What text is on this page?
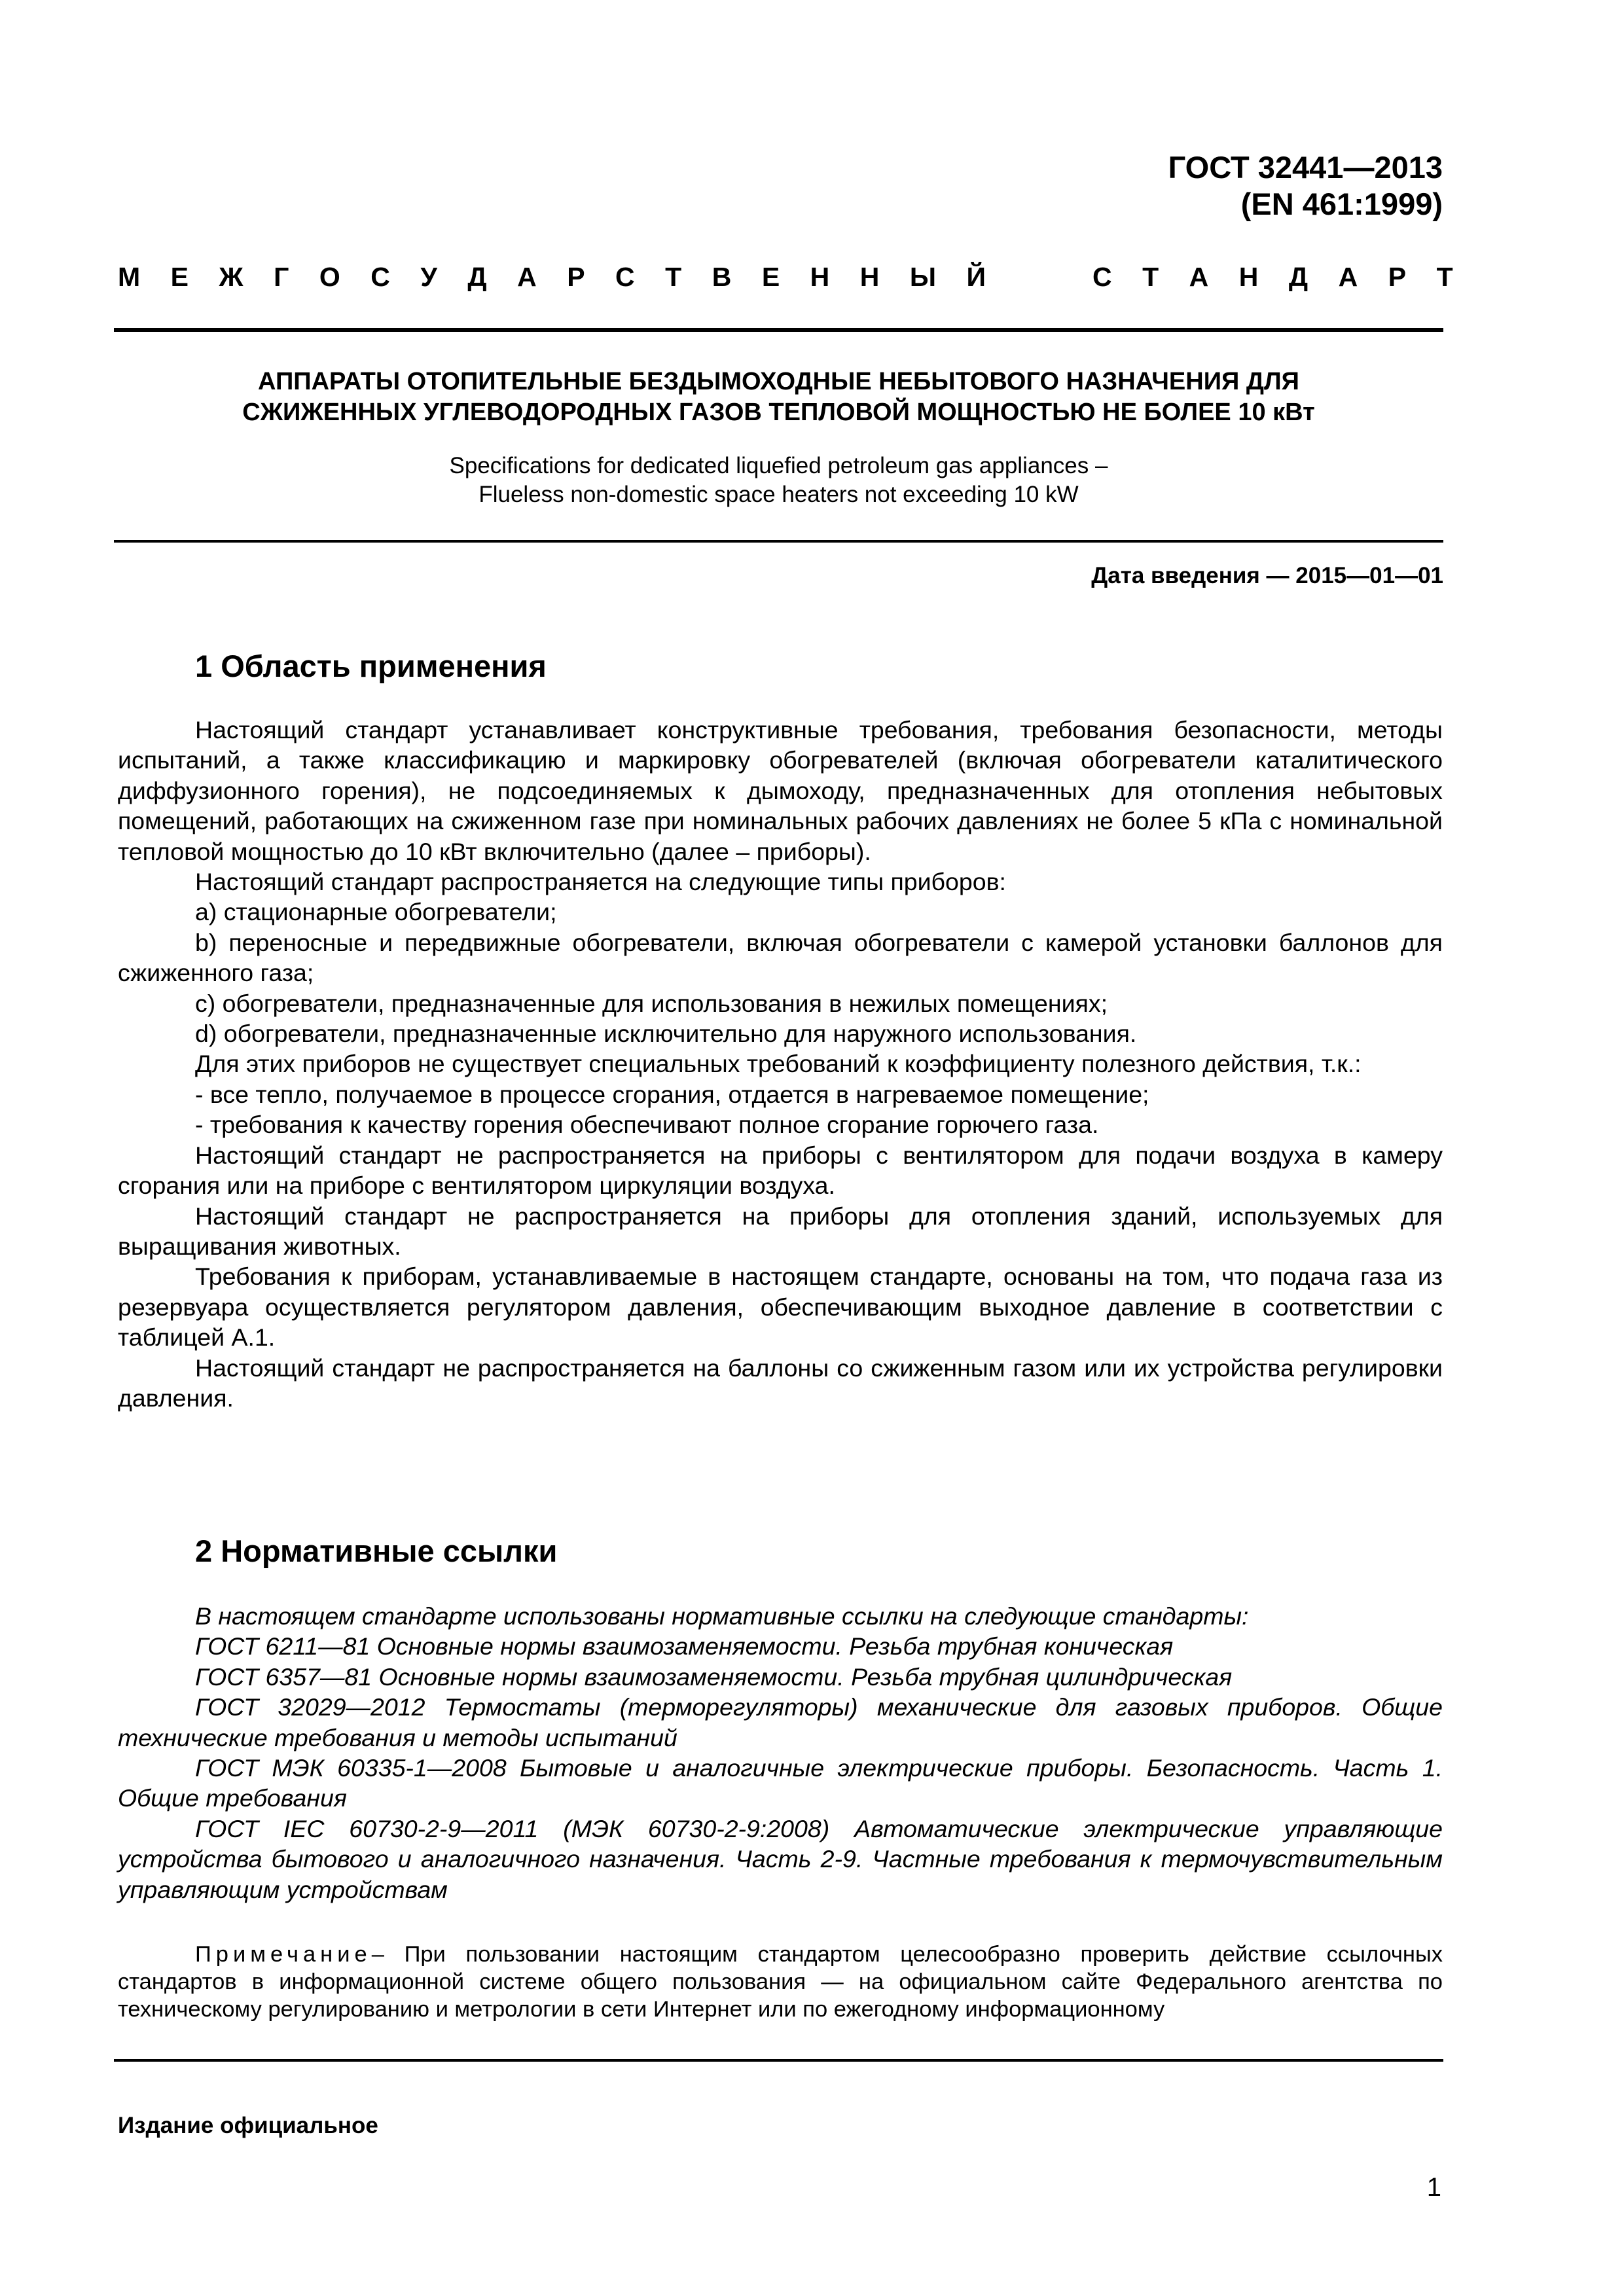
ГОСТ 32441—2013
(EN 461:1999)
М Е Ж Г О С У Д А Р С Т В Е Н Н Ы Й	С Т А Н Д А Р Т
АППАРАТЫ ОТОПИТЕЛЬНЫЕ БЕЗДЫМОХОДНЫЕ НЕБЫТОВОГО НАЗНАЧЕНИЯ ДЛЯ
СЖИЖЕННЫХ УГЛЕВОДОРОДНЫХ ГАЗОВ ТЕПЛОВОЙ МОЩНОСТЬЮ НЕ БОЛЕЕ 10 кВт
Specifications for dedicated liquefied petroleum gas appliances –
Flueless non-domestic space heaters not exceeding 10 kW
Дата введения — 2015—01—01
1 Область применения

Настоящий стандарт устанавливает конструктивные требования, требования безопасности, методы испытаний, а также классификацию и маркировку обогревателей (включая обогреватели каталитического диффузионного горения), не подсоединяемых к дымоходу, предназначенных для отопления небытовых помещений, работающих на сжиженном газе при номинальных рабочих давлениях не более 5 кПа с номинальной тепловой мощностью до 10 кВт включительно (далее – приборы).

Настоящий стандарт распространяется на следующие типы приборов:

а) стационарные обогреватели;

b) переносные и передвижные обогреватели, включая обогреватели с камерой установки баллонов для сжиженного газа;

c) обогреватели, предназначенные для использования в нежилых помещениях;

d) обогреватели, предназначенные исключительно для наружного использования.

Для этих приборов не существует специальных требований к коэффициенту полезного действия, т.к.:

- все тепло, получаемое в процессе сгорания, отдается в нагреваемое помещение;

- требования к качеству горения обеспечивают полное сгорание горючего газа.

Настоящий стандарт не распространяется на приборы с вентилятором для подачи воздуха в камеру сгорания или на приборе с вентилятором циркуляции воздуха.

Настоящий стандарт не распространяется на приборы для отопления зданий, используемых для выращивания животных.

Требования к приборам, устанавливаемые в настоящем стандарте, основаны на том, что подача газа из резервуара осуществляется регулятором давления, обеспечивающим выходное давление в соответствии с таблицей А.1.

Настоящий стандарт не распространяется на баллоны со сжиженным газом или их устройства регулировки давления.

2 Нормативные ссылки

В настоящем стандарте использованы нормативные ссылки на следующие стандарты:

ГОСТ 6211—81 Основные нормы взаимозаменяемости. Резьба трубная коническая

ГОСТ 6357—81 Основные нормы взаимозаменяемости. Резьба трубная цилиндрическая

ГОСТ 32029—2012 Термостаты (терморегуляторы) механические для газовых приборов. Общие технические требования и методы испытаний

ГОСТ МЭК 60335-1—2008 Бытовые и аналогичные электрические приборы. Безопасность. Часть 1. Общие требования

ГОСТ IEC 60730-2-9—2011 (МЭК 60730-2-9:2008) Автоматические электрические управляющие устройства бытового и аналогичного назначения. Часть 2-9. Частные требования к термочувствительным управляющим устройствам

Примечание– При пользовании настоящим стандартом целесообразно проверить действие ссылочных стандартов в информационной системе общего пользования — на официальном сайте Федерального агентства по техническому регулированию и метрологии в сети Интернет или по ежегодному информационному

Издание официальное
1
